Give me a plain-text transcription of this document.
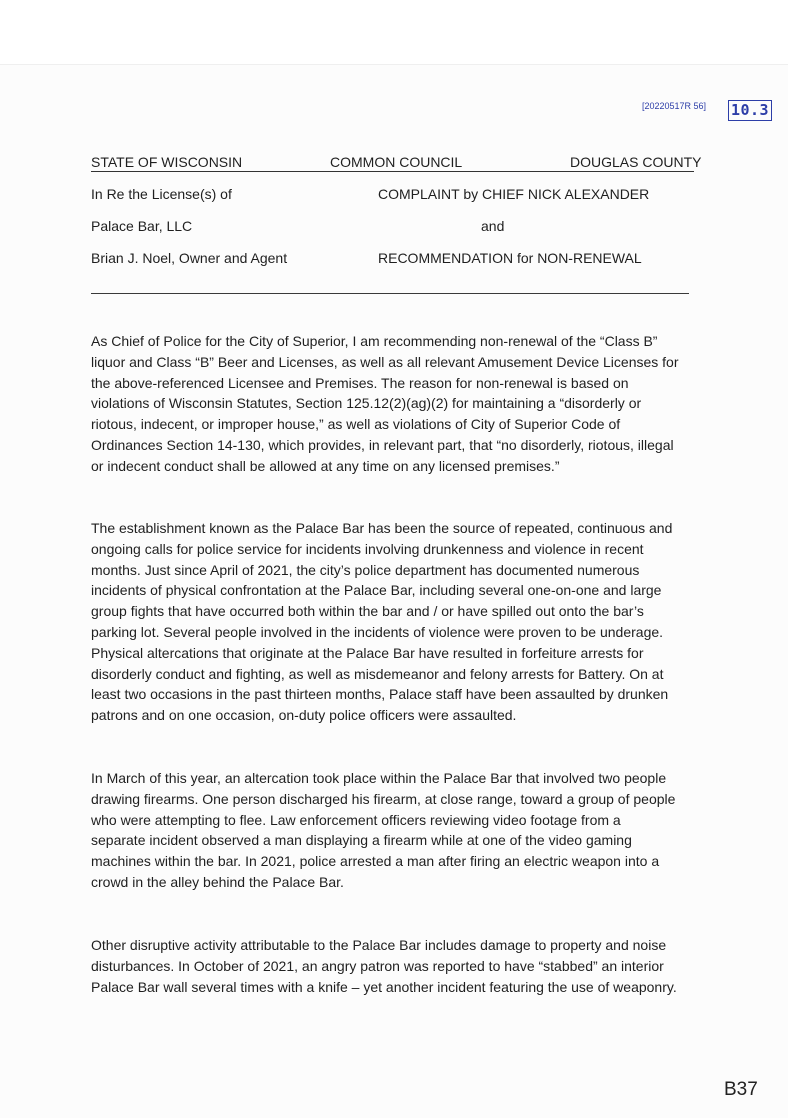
[20220517R 56] 10.3
STATE OF WISCONSIN	COMMON COUNCIL	DOUGLAS COUNTY
In Re the License(s) of	COMPLAINT by CHIEF NICK ALEXANDER
Palace Bar, LLC	and
Brian J. Noel, Owner and Agent	RECOMMENDATION for NON-RENEWAL

As Chief of Police for the City of Superior, I am recommending non-renewal of the “Class B”
liquor and Class “B” Beer and Licenses, as well as all relevant Amusement Device Licenses for
the above-referenced Licensee and Premises. The reason for non-renewal is based on
violations of Wisconsin Statutes, Section 125.12(2)(ag)(2) for maintaining a “disorderly or
riotous, indecent, or improper house,” as well as violations of City of Superior Code of
Ordinances Section 14-130, which provides, in relevant part, that “no disorderly, riotous, illegal
or indecent conduct shall be allowed at any time on any licensed premises.”

The establishment known as the Palace Bar has been the source of repeated, continuous and
ongoing calls for police service for incidents involving drunkenness and violence in recent
months. Just since April of 2021, the city’s police department has documented numerous
incidents of physical confrontation at the Palace Bar, including several one-on-one and large
group fights that have occurred both within the bar and / or have spilled out onto the bar’s
parking lot. Several people involved in the incidents of violence were proven to be underage.
Physical altercations that originate at the Palace Bar have resulted in forfeiture arrests for
disorderly conduct and fighting, as well as misdemeanor and felony arrests for Battery. On at
least two occasions in the past thirteen months, Palace staff have been assaulted by drunken
patrons and on one occasion, on-duty police officers were assaulted.

In March of this year, an altercation took place within the Palace Bar that involved two people
drawing firearms. One person discharged his firearm, at close range, toward a group of people
who were attempting to flee. Law enforcement officers reviewing video footage from a
separate incident observed a man displaying a firearm while at one of the video gaming
machines within the bar. In 2021, police arrested a man after firing an electric weapon into a
crowd in the alley behind the Palace Bar.

Other disruptive activity attributable to the Palace Bar includes damage to property and noise
disturbances. In October of 2021, an angry patron was reported to have “stabbed” an interior
Palace Bar wall several times with a knife – yet another incident featuring the use of weaponry.

B37
